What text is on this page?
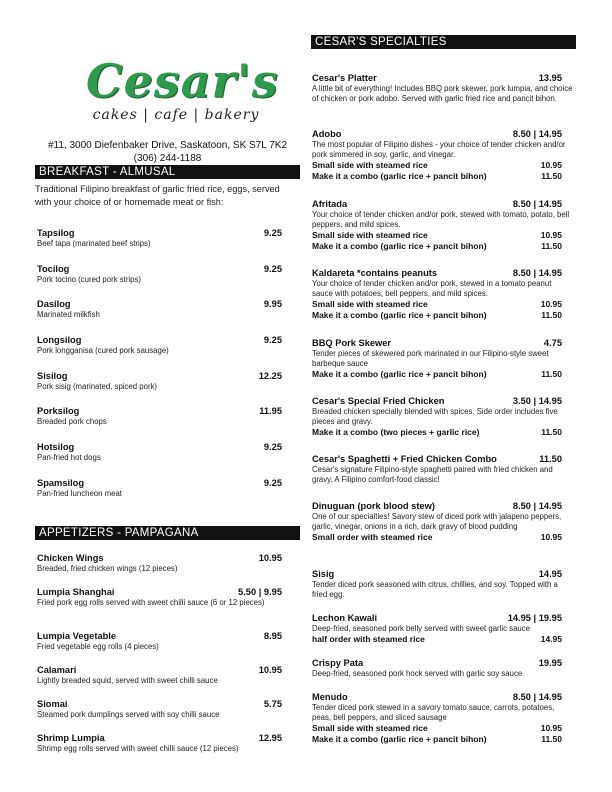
Cesar's
cakes | cafe | bakery
#11, 3000 Diefenbaker Drive, Saskatoon, SK S7L 7K2
(306) 244-1188
BREAKFAST - ALMUSAL
Traditional Filipino breakfast of garlic fried rice, eggs, served with your choice of or homemade meat or fish:
Tapsilog	9.25
Beef tapa (marinated beef strips)
Tocilog	9.25
Pork tocino (cured pork strips)
Dasilog	9.95
Marinated milkfish
Longsilog	9.25
Pork longganisa (cured pork sausage)
Sisilog	12.25
Pork sisig (marinated, spiced pork)
Porksilog	11.95
Breaded pork chops
Hotsilog	9.25
Pan-fried hot dogs
Spamsilog	9.25
Pan-fried luncheon meat
APPETIZERS - PAMPAGANA
Chicken Wings	10.95
Breaded, fried chicken wings (12 pieces)
Lumpia Shanghai	5.50 | 9.95
Fried pork egg rolls served with sweet chilli sauce (6 or 12 pieces)
Lumpia Vegetable	8.95
Fried vegetable egg rolls (4 pieces)
Calamari	10.95
Lightly breaded squid, served with sweet chilli sauce
Siomai	5.75
Steamed pork dumplings served with soy chilli sauce
Shrimp Lumpia	12.95
Shrimp egg rolls served with sweet chilli sauce (12 pieces)
CESAR'S SPECIALTIES
Cesar's Platter	13.95
A little bit of everything! Includes BBQ pork skewer, pork lumpia, and choice of chicken or pork adobo. Served with garlic fried rice and pancit bihon.
Adobo	8.50 | 14.95
The most popular of Filipino dishes - your choice of tender chicken and/or pork simmered in soy, garlic, and vinegar.
Small side with steamed rice	10.95
Make it a combo (garlic rice + pancit bihon)	11.50
Afritada	8.50 | 14.95
Your choice of tender chicken and/or pork, stewed with tomato, potato, bell peppers, and mild spices.
Small side with steamed rice	10.95
Make it a combo (garlic rice + pancit bihon)	11.50
Kaldareta *contains peanuts	8.50 | 14.95
Your choice of tender chicken and/or pork, stewed in a tomato peanut sauce with potatoes, bell peppers, and mild spices.
Small side with steamed rice	10.95
Make it a combo (garlic rice + pancit bihon)	11.50
BBQ Pork Skewer	4.75
Tender pieces of skewered pork marinated in our Filipino-style sweet barbeque sauce
Make it a combo (garlic rice + pancit bihon)	11.50
Cesar's Special Fried Chicken	3.50 | 14.95
Breaded chicken specially blended with spices. Side order includes five pieces and gravy.
Make it a combo (two pieces + garlic rice)	11.50
Cesar's Spaghetti + Fried Chicken Combo	11.50
Cesar's signature Filipino-style spaghetti paired with fried chicken and gravy. A Filipino comfort-food classic!
Dinuguan (pork blood stew)	8.50 | 14.95
One of our specialties! Savory stew of diced pork with jalapeno peppers, garlic, vinegar, onions in a rich, dark gravy of blood pudding
Small order with steamed rice	10.95
Sisig	14.95
Tender diced pork seasoned with citrus, chillies, and soy. Topped with a fried egg.
Lechon Kawali	14.95 | 19.95
Deep-fried, seasoned pork belly served with sweet garlic sauce
half order with steamed rice	14.95
Crispy Pata	19.95
Deep-fried, seasoned pork hock served with garlic soy sauce
Menudo	8.50 | 14.95
Tender diced pork stewed in a savory tomato sauce, carrots, potatoes, peas, bell peppers, and sliced sausage
Small side with steamed rice	10.95
Make it a combo (garlic rice + pancit bihon)	11.50
